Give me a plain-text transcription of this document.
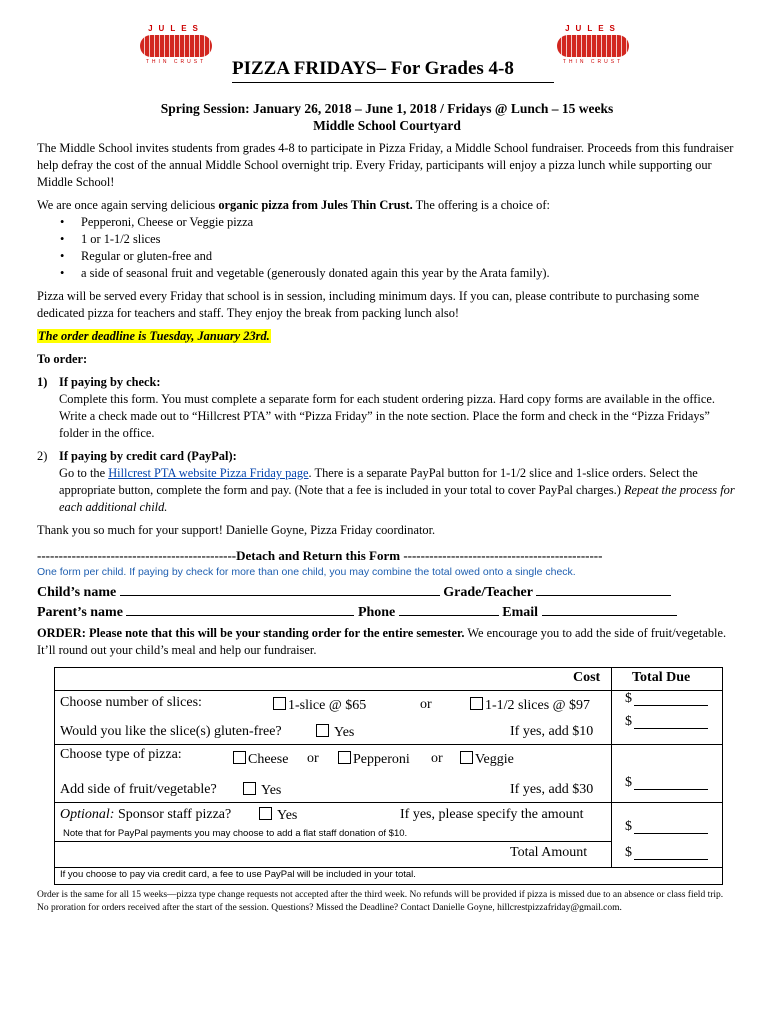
JULES
THIN CRUST
JULES
THIN CRUST
PIZZA FRIDAYS– For Grades 4-8
Spring Session: January 26, 2018 – June 1, 2018 / Fridays @ Lunch – 15 weeks
Middle School Courtyard

The Middle School invites students from grades 4-8 to participate in Pizza Friday, a Middle School fundraiser. Proceeds from this fundraiser help defray the cost of the annual Middle School overnight trip. Every Friday, participants will enjoy a pizza lunch while supporting our Middle School!

We are once again serving delicious organic pizza from Jules Thin Crust. The offering is a choice of:

• Pepperoni, Cheese or Veggie pizza
• 1 or 1-1/2 slices
• Regular or gluten-free and
• a side of seasonal fruit and vegetable (generously donated again this year by the Arata family).

Pizza will be served every Friday that school is in session, including minimum days. If you can, please contribute to purchasing some dedicated pizza for teachers and staff. They enjoy the break from packing lunch also!

The order deadline is Tuesday, January 23rd.

To order:

1) If paying by check:
Complete this form. You must complete a separate form for each student ordering pizza. Hard copy forms are available in the office. Write a check made out to “Hillcrest PTA” with “Pizza Friday” in the note section. Place the form and check in the “Pizza Fridays” folder in the office.
2) If paying by credit card (PayPal):
Go to the Hillcrest PTA website Pizza Friday page. There is a separate PayPal button for 1-1/2 slice and 1-slice orders. Select the appropriate button, complete the form and pay. (Note that a fee is included in your total to cover PayPal charges.) Repeat the process for each additional child.

Thank you so much for your support! Danielle Goyne, Pizza Friday coordinator.

----------------------------------------------Detach and Return this Form ----------------------------------------------
One form per child. If paying by check for more than one child, you may combine the total owed onto a single check.
Child’s name	Grade/Teacher
Parent’s name	Phone	Email

ORDER: Please note that this will be your standing order for the entire semester. We encourage you to add the side of fruit/vegetable. It’ll round out your child’s meal and help our fundraiser.

Cost Total Due
Choose number of slices:	1-slice @ $65	or	1-1/2 slices @ $97 $
Would you like the slice(s) gluten-free?	Yes	If yes, add $10
$
Choose type of pizza:	Cheese or	Pepperoni or	Veggie
Add side of fruit/vegetable?	Yes	If yes, add $30 $
Optional: Sponsor staff pizza?	Yes	If yes, please specify the amount
Note that for PayPal payments you may choose to add a flat staff donation of $10.	$
Total Amount	$
If you choose to pay via credit card, a fee to use PayPal will be included in your total.
Order is the same for all 15 weeks—pizza type change requests not accepted after the third week. No refunds will be provided if pizza is missed due to an absence or class field trip. No proration for orders received after the start of the session. Questions? Missed the Deadline? Contact Danielle Goyne, hillcrestpizzafriday@gmail.com.
